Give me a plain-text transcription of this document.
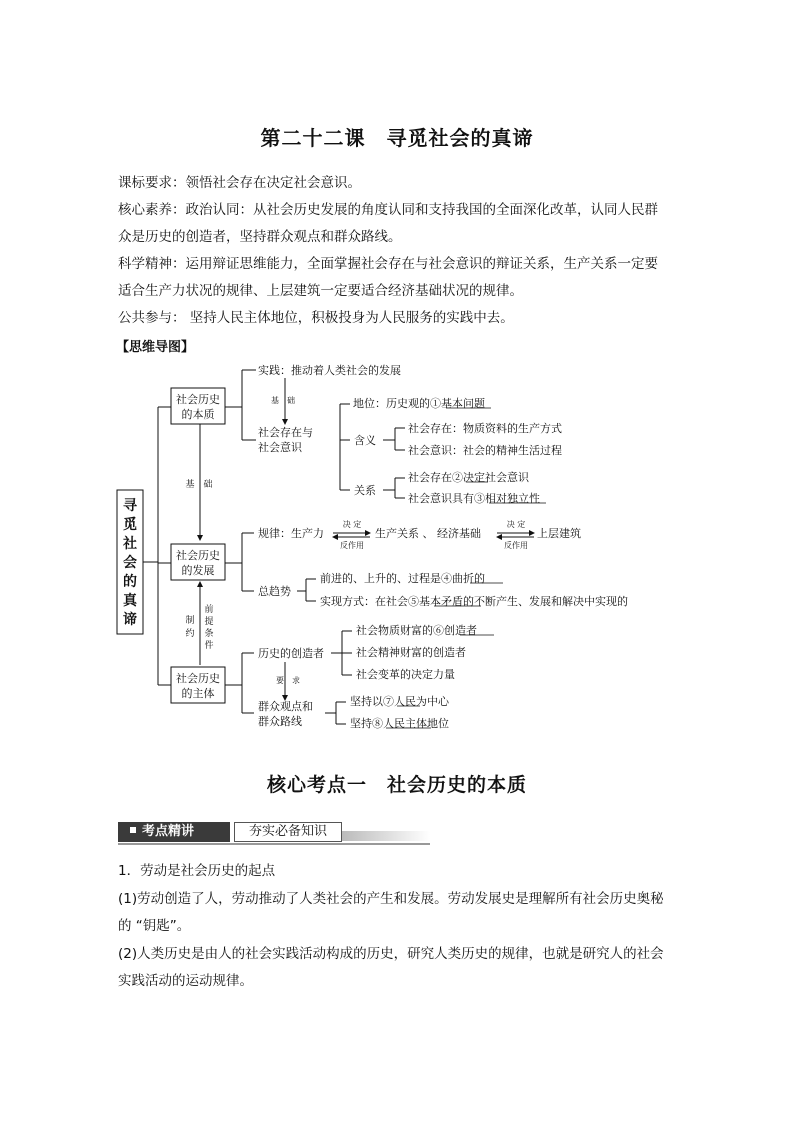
第二十二课　寻觅社会的真谛

课标要求：领悟社会存在决定社会意识。

核心素养：政治认同：从社会历史发展的角度认同和支持我国的全面深化改革，认同人民群

众是历史的创造者，坚持群众观点和群众路线。

科学精神：运用辩证思维能力，全面掌握社会存在与社会意识的辩证关系，生产关系一定要

适合生产力状况的规律、上层建筑一定要适合经济基础状况的规律。

公共参与： 坚持人民主体地位，积极投身为人民服务的实践中去。

【思维导图】
寻
觅
社
会
的
真
谛
基 础
制
约
前
提
条
件
社会历史
的本质
社会历史
的发展
社会历史
的主体
实践：推动着人类社会的发展
基　础
社会存在与
社会意识
地位：历史观的①基本问题
含义
社会存在：物质资料的生产方式
社会意识：社会的精神生活过程
关系
社会存在②决定社会意识
社会意识具有③相对独立性
规律：生产力
决 定
反作用
生产关系 、 经济基础
决 定
反作用
上层建筑
总趋势
前进的、上升的、过程是④曲折的
实现方式：在社会⑤基本矛盾的不断产生、发展和解决中实现的
历史的创造者
社会物质财富的⑥创造者
社会精神财富的创造者
社会变革的决定力量
要　求
群众观点和
群众路线
坚持以⑦人民为中心
坚持⑧人民主体地位
核心考点一　社会历史的本质
考点精讲	夯实必备知识

1．劳动是社会历史的起点

(1)劳动创造了人，劳动推动了人类社会的产生和发展。劳动发展史是理解所有社会历史奥秘

的 “钥匙”。

(2)人类历史是由人的社会实践活动构成的历史，研究人类历史的规律，也就是研究人的社会

实践活动的运动规律。
